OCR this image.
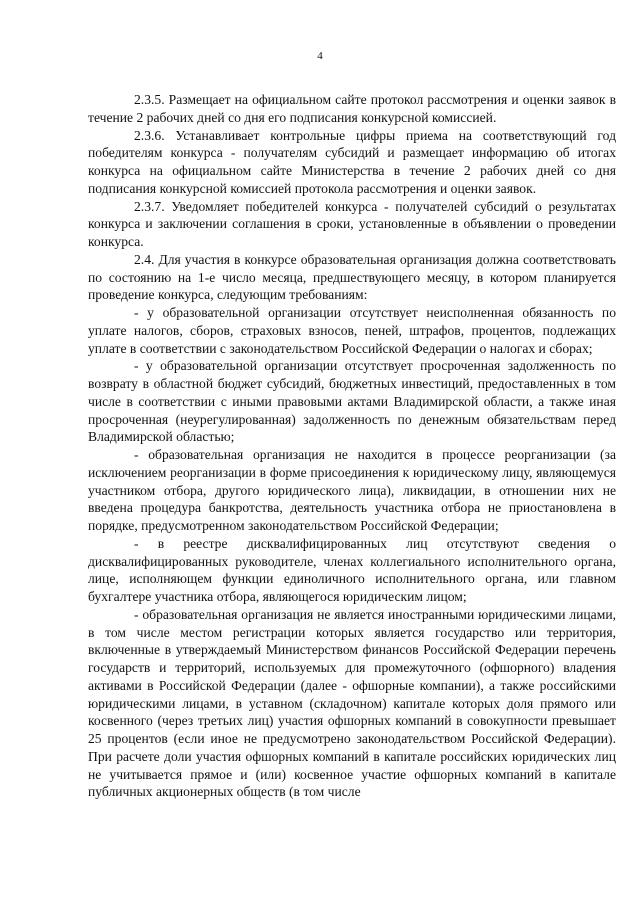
4

2.3.5. Размещает на официальном сайте протокол рассмотрения и оценки заявок в течение 2 рабочих дней со дня его подписания конкурсной комиссией.

2.3.6. Устанавливает контрольные цифры приема на соответствующий год победителям конкурса - получателям субсидий и размещает информацию об итогах конкурса на официальном сайте Министерства в течение 2 рабочих дней со дня подписания конкурсной комиссией протокола рассмотрения и оценки заявок.

2.3.7. Уведомляет победителей конкурса - получателей субсидий о результатах конкурса и заключении соглашения в сроки, установленные в объявлении о проведении конкурса.

2.4. Для участия в конкурсе образовательная организация должна соответствовать по состоянию на 1-е число месяца, предшествующего месяцу, в котором планируется проведение конкурса, следующим требованиям:

- у образовательной организации отсутствует неисполненная обязанность по уплате налогов, сборов, страховых взносов, пеней, штрафов, процентов, подлежащих уплате в соответствии с законодательством Российской Федерации о налогах и сборах;

- у образовательной организации отсутствует просроченная задолженность по возврату в областной бюджет субсидий, бюджетных инвестиций, предоставленных в том числе в соответствии с иными правовыми актами Владимирской области, а также иная просроченная (неурегулированная) задолженность по денежным обязательствам перед Владимирской областью;

- образовательная организация не находится в процессе реорганизации (за исключением реорганизации в форме присоединения к юридическому лицу, являющемуся участником отбора, другого юридического лица), ликвидации, в отношении них не введена процедура банкротства, деятельность участника отбора не приостановлена в порядке, предусмотренном законодательством Российской Федерации;

- в реестре дисквалифицированных лиц отсутствуют сведения о дисквалифицированных руководителе, членах коллегиального исполнительного органа, лице, исполняющем функции единоличного исполнительного органа, или главном бухгалтере участника отбора, являющегося юридическим лицом;

- образовательная организация не является иностранными юридическими лицами, в том числе местом регистрации которых является государство или территория, включенные в утверждаемый Министерством финансов Российской Федерации перечень государств и территорий, используемых для промежуточного (офшорного) владения активами в Российской Федерации (далее - офшорные компании), а также российскими юридическими лицами, в уставном (складочном) капитале которых доля прямого или косвенного (через третьих лиц) участия офшорных компаний в совокупности превышает 25 процентов (если иное не предусмотрено законодательством Российской Федерации). При расчете доли участия офшорных компаний в капитале российских юридических лиц не учитывается прямое и (или) косвенное участие офшорных компаний в капитале публичных акционерных обществ (в том числе
